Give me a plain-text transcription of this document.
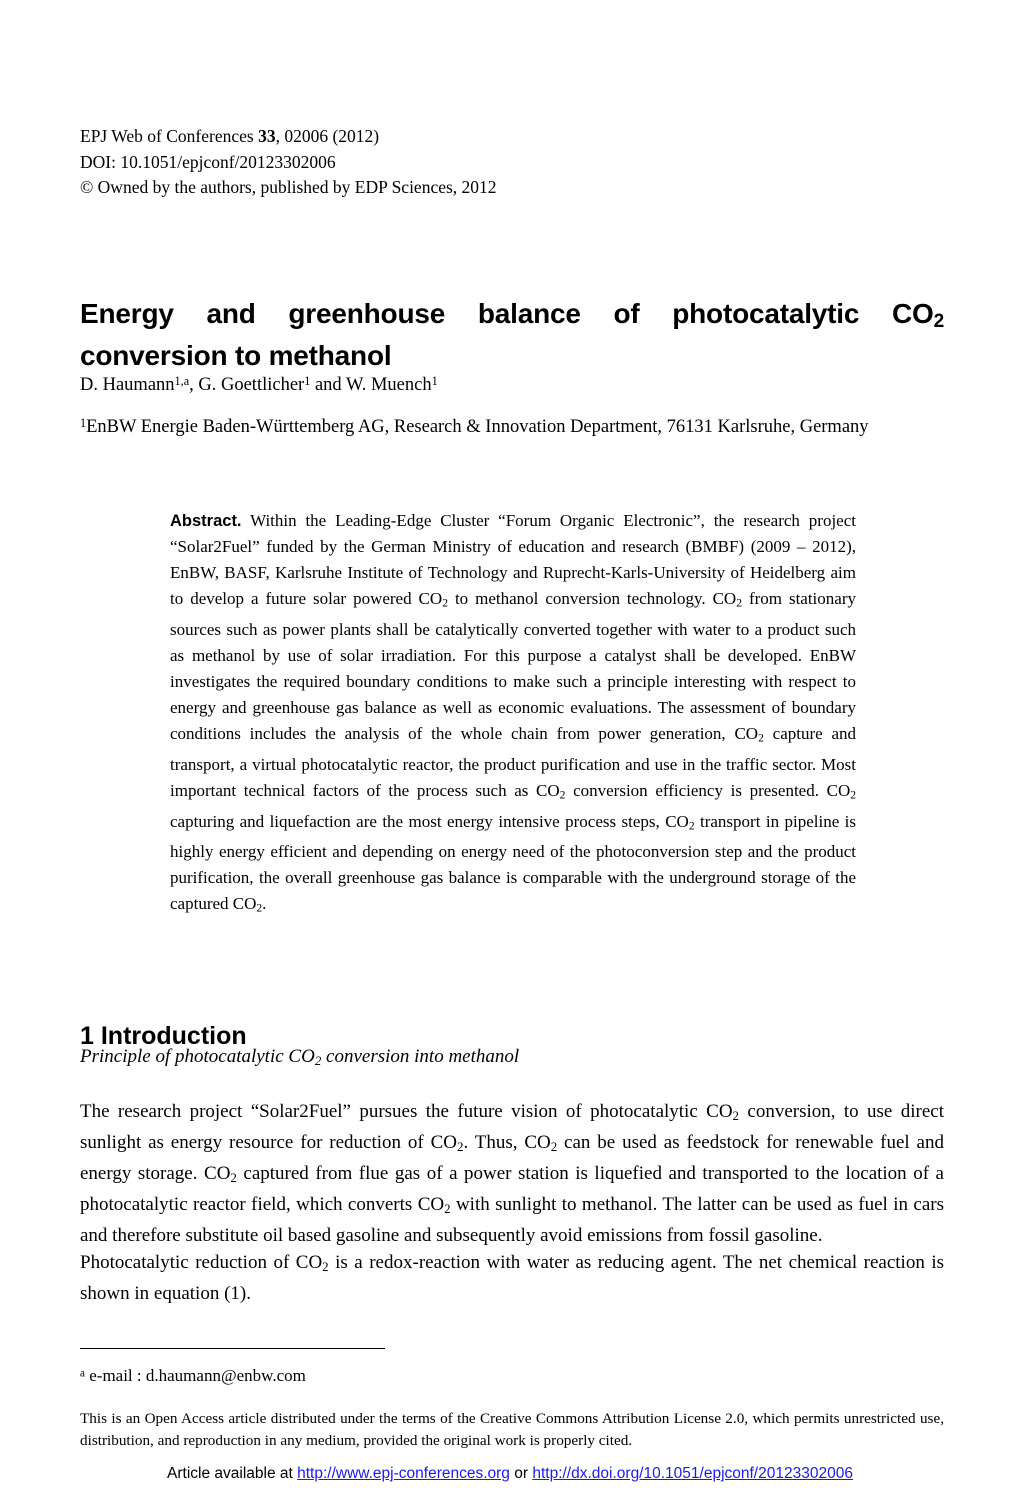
EPJ Web of Conferences 33, 02006 (2012)
DOI: 10.1051/epjconf/20123302006
© Owned by the authors, published by EDP Sciences, 2012
Energy and greenhouse balance of photocatalytic $CO_2$
conversion to methanol
D. Haumann$^{1,a}$, G. Goettlicher$^1$ and W. Muench$^1$
$^1$EnBW Energie Baden-Württemberg AG, Research & Innovation Department, 76131 Karlsruhe, Germany
Abstract. Within the Leading-Edge Cluster “Forum Organic Electronic”, the research project “Solar2Fuel” funded by the German Ministry of education and research (BMBF) (2009 – 2012), EnBW, BASF, Karlsruhe Institute of Technology and Ruprecht-Karls-University of Heidelberg aim to develop a future solar powered $CO_2$ to methanol conversion technology. $CO_2$ from stationary sources such as power plants shall be catalytically converted together with water to a product such as methanol by use of solar irradiation. For this purpose a catalyst shall be developed. EnBW investigates the required boundary conditions to make such a principle interesting with respect to energy and greenhouse gas balance as well as economic evaluations. The assessment of boundary conditions includes the analysis of the whole chain from power generation, $CO_2$ capture and transport, a virtual photocatalytic reactor, the product purification and use in the traffic sector. Most important technical factors of the process such as $CO_2$ conversion efficiency is presented. $CO_2$ capturing and liquefaction are the most energy intensive process steps, $CO_2$ transport in pipeline is highly energy efficient and depending on energy need of the photoconversion step and the product purification, the overall greenhouse gas balance is comparable with the underground storage of the captured $CO_2$.
1 Introduction
Principle of photocatalytic $CO_2$ conversion into methanol

The research project “Solar2Fuel” pursues the future vision of photocatalytic $CO_2$ conversion, to use direct sunlight as energy resource for reduction of $CO_2$. Thus, $CO_2$ can be used as feedstock for renewable fuel and energy storage. $CO_2$ captured from flue gas of a power station is liquefied and transported to the location of a photocatalytic reactor field, which converts $CO_2$ with sunlight to methanol. The latter can be used as fuel in cars and therefore substitute oil based gasoline and subsequently avoid emissions from fossil gasoline.

Photocatalytic reduction of $CO_2$ is a redox-reaction with water as reducing agent. The net chemical reaction is shown in equation (1).

$^a$ e-mail : d.haumann@enbw.com
This is an Open Access article distributed under the terms of the Creative Commons Attribution License 2.0, which permits unrestricted use, distribution, and reproduction in any medium, provided the original work is properly cited.
Article available at http://www.epj-conferences.org or http://dx.doi.org/10.1051/epjconf/20123302006
